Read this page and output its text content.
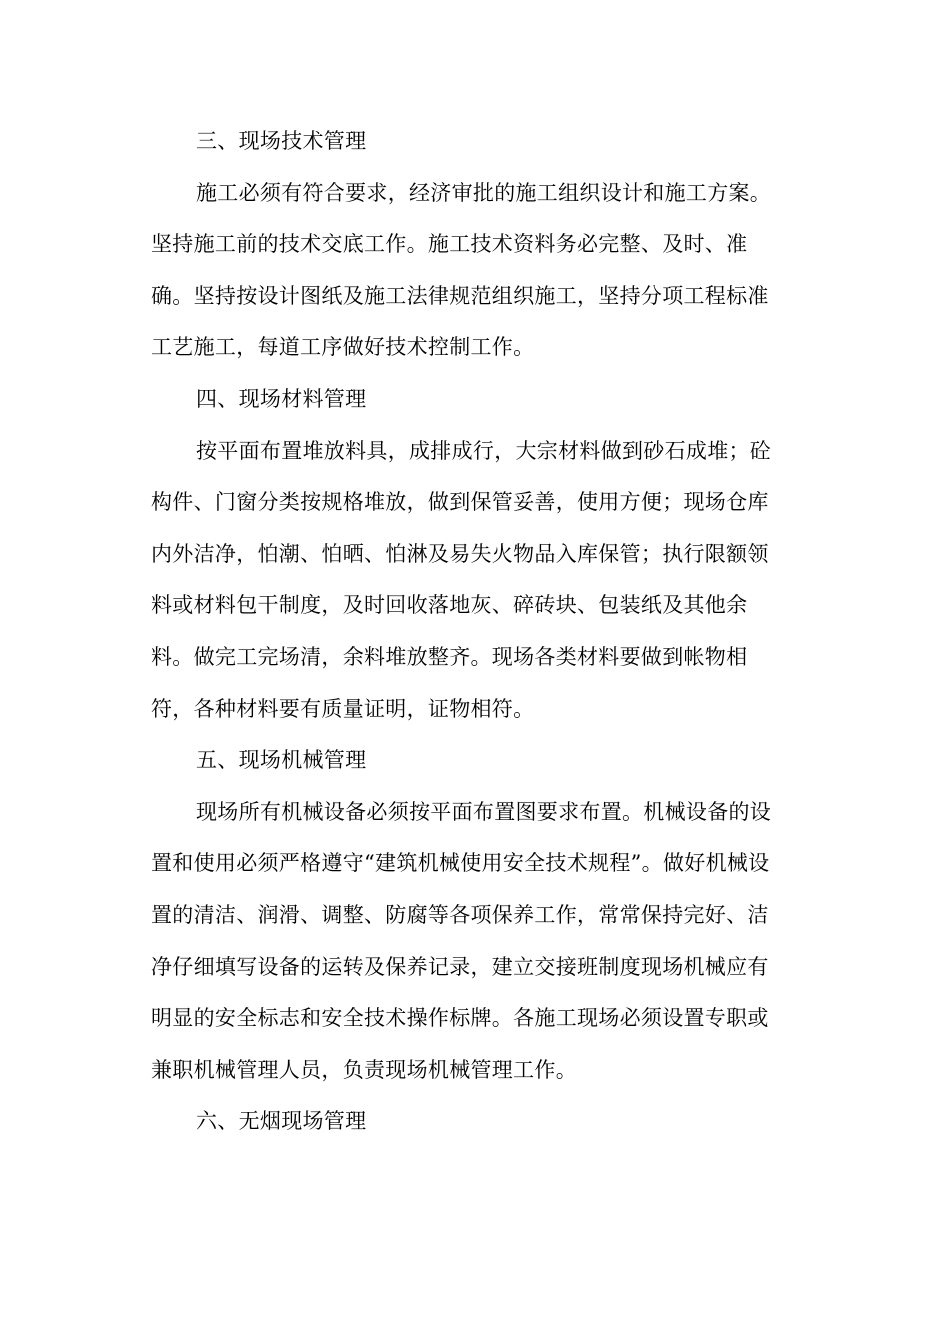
三、现场技术管理

施工必须有符合要求，经济审批的施工组织设计和施工方案。
坚持施工前的技术交底工作。施工技术资料务必完整、及时、准
确。坚持按设计图纸及施工法律规范组织施工，坚持分项工程标准
工艺施工，每道工序做好技术控制工作。

四、现场材料管理

按平面布置堆放料具，成排成行，大宗材料做到砂石成堆；砼
构件、门窗分类按规格堆放，做到保管妥善，使用方便；现场仓库
内外洁净，怕潮、怕晒、怕淋及易失火物品入库保管；执行限额领
料或材料包干制度，及时回收落地灰、碎砖块、包装纸及其他余
料。做完工完场清，余料堆放整齐。现场各类材料要做到帐物相
符，各种材料要有质量证明，证物相符。

五、现场机械管理

现场所有机械设备必须按平面布置图要求布置。机械设备的设
置和使用必须严格遵守“建筑机械使用安全技术规程”。做好机械设
置的清洁、润滑、调整、防腐等各项保养工作，常常保持完好、洁
净仔细填写设备的运转及保养记录，建立交接班制度现场机械应有
明显的安全标志和安全技术操作标牌。各施工现场必须设置专职或
兼职机械管理人员，负责现场机械管理工作。

六、无烟现场管理
